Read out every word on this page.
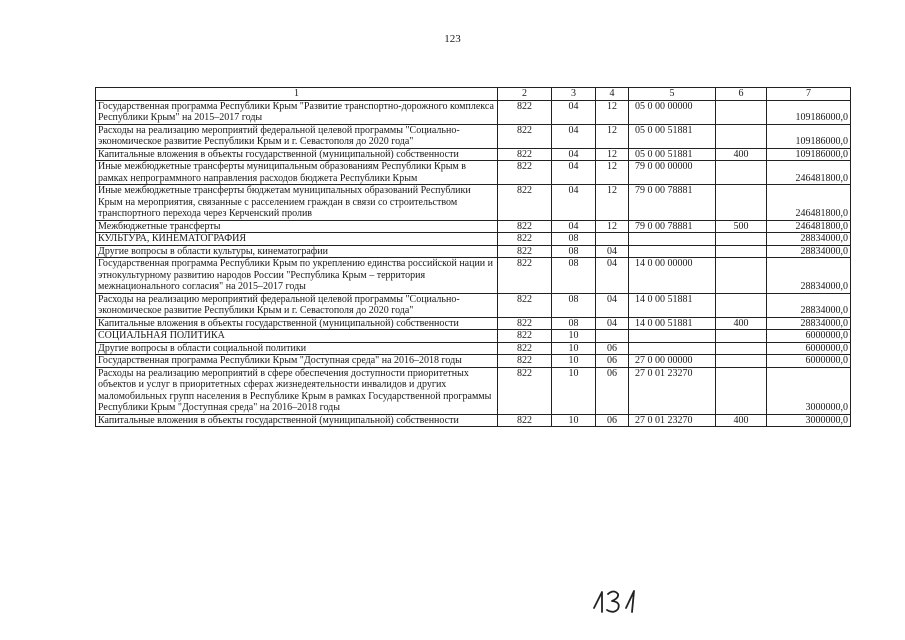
123
1	2	3	4	5	6	7
Государственная программа Республики Крым "Развитие транспортно-дорожного комплекса Республики Крым" на 2015–2017 годы	822	04	12	05 0 00 00000		109186000,0
Расходы на реализацию мероприятий федеральной целевой программы "Социально-экономическое развитие Республики Крым и г. Севастополя до 2020 года"	822	04	12	05 0 00 51881		109186000,0
Капитальные вложения в объекты государственной (муниципальной) собственности	822	04	12	05 0 00 51881	400	109186000,0
Иные межбюджетные трансферты муниципальным образованиям Республики Крым в рамках непрограммного направления расходов бюджета Республики Крым	822	04	12	79 0 00 00000		246481800,0
Иные межбюджетные трансферты бюджетам муниципальных образований Республики Крым на мероприятия, связанные с расселением граждан в связи со строительством транспортного перехода через Керченский пролив	822	04	12	79 0 00 78881		246481800,0
Межбюджетные трансферты	822	04	12	79 0 00 78881	500	246481800,0
КУЛЬТУРА, КИНЕМАТОГРАФИЯ	822	08				28834000,0
Другие вопросы в области культуры, кинематографии	822	08	04			28834000,0
Государственная программа Республики Крым по укреплению единства российской нации и этнокультурному развитию народов России "Республика Крым – территория межнационального согласия" на 2015–2017 годы	822	08	04	14 0 00 00000		28834000,0
Расходы на реализацию мероприятий федеральной целевой программы "Социально-экономическое развитие Республики Крым и г. Севастополя до 2020 года"	822	08	04	14 0 00 51881		28834000,0
Капитальные вложения в объекты государственной (муниципальной) собственности	822	08	04	14 0 00 51881	400	28834000,0
СОЦИАЛЬНАЯ ПОЛИТИКА	822	10				6000000,0
Другие вопросы в области социальной политики	822	10	06			6000000,0
Государственная программа Республики Крым "Доступная среда" на 2016–2018 годы	822	10	06	27 0 00 00000		6000000,0
Расходы на реализацию мероприятий в сфере обеспечения доступности приоритетных объектов и услуг в приоритетных сферах жизнедеятельности инвалидов и других маломобильных групп населения в Республике Крым в рамках Государственной программы Республики Крым "Доступная среда" на 2016–2018 годы	822	10	06	27 0 01 23270		3000000,0
Капитальные вложения в объекты государственной (муниципальной) собственности	822	10	06	27 0 01 23270	400	3000000,0
